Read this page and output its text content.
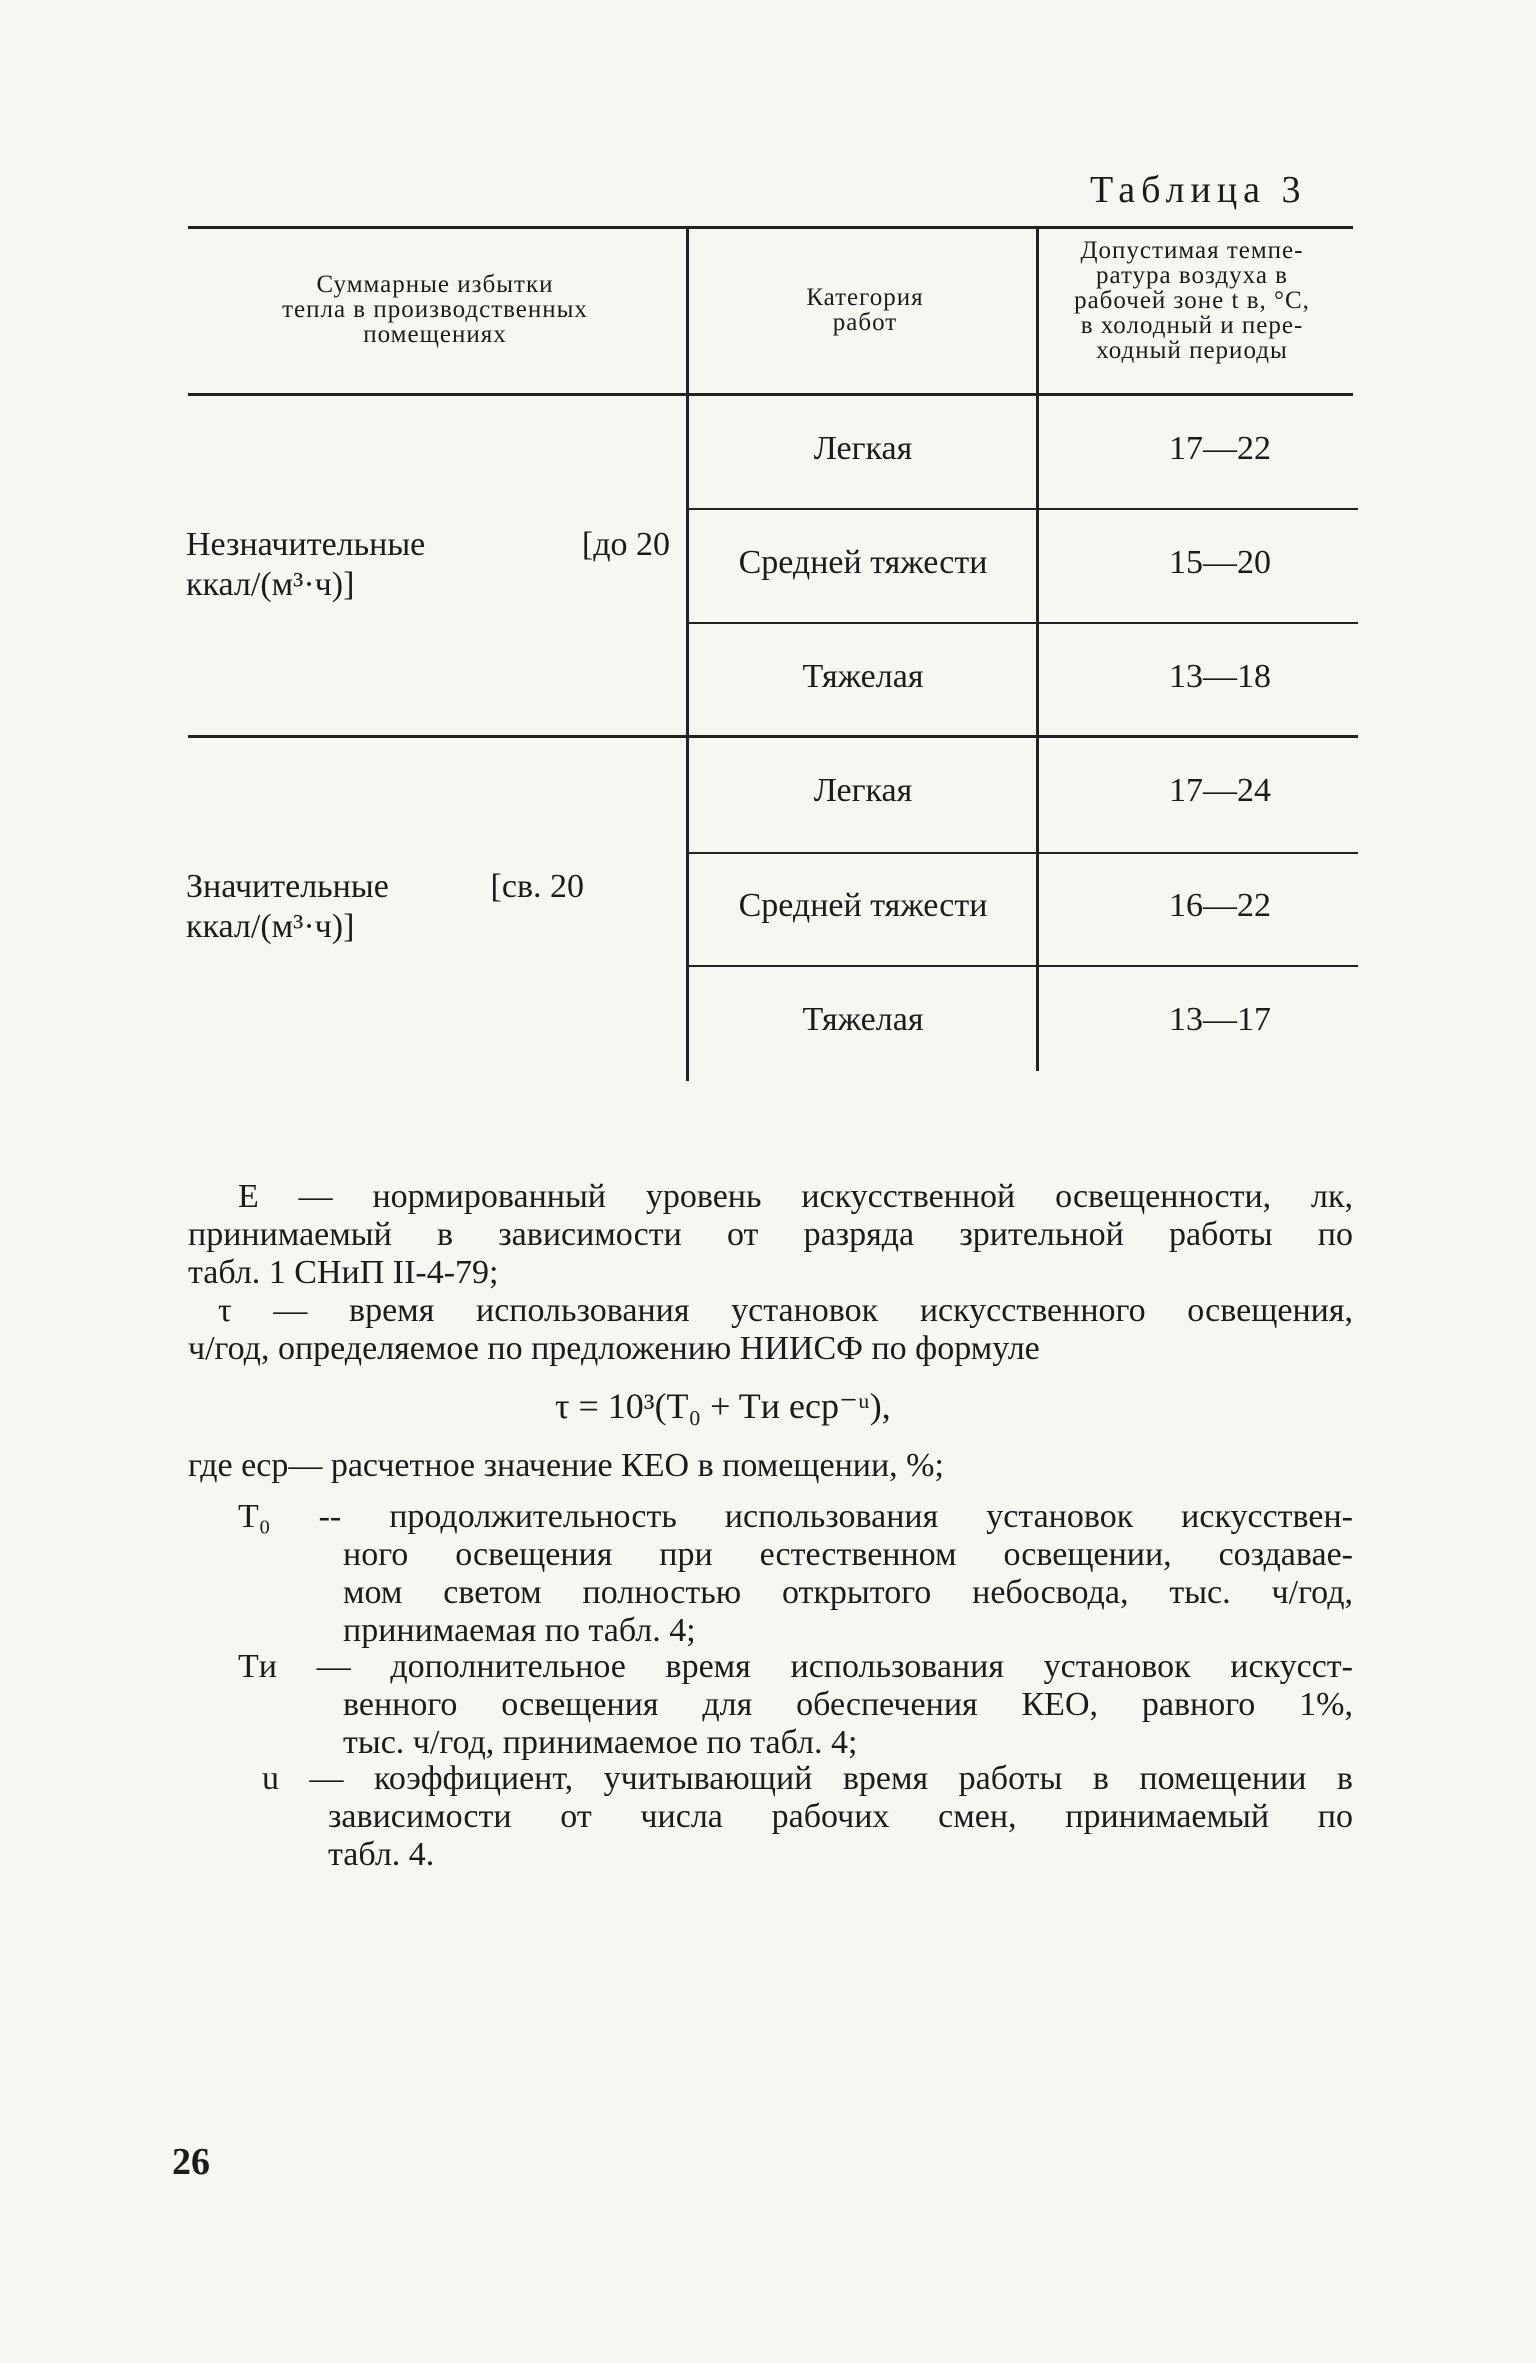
Таблица 3
Суммарные избытки
тепла в производственных
помещениях
Категория
работ
Допустимая темпе-
ратура воздуха в
рабочей зоне t в, °С,
в холодный и пере-
ходный периоды
Незначительные	[до 20
ккал/(м³·ч)]
Значительные	[св. 20
ккал/(м³·ч)]
Легкая
Средней тяжести
Тяжелая
Легкая
Средней тяжести
Тяжелая
17—22
15—20
13—18
17—24
16—22
13—17
E — нормированный уровень искусственной освещенности, лк,
принимаемый в зависимости от разряда зрительной работы по
табл. 1 СНиП II-4-79;
τ — время использования установок искусственного освещения,
ч/год, определяемое по предложению НИИСФ по формуле
τ = 10³(T₀ + Tи eср⁻ᵘ),
где eср— расчетное значение КЕО в помещении, %;
T₀ -- продолжительность использования установок искусствен-
ного освещения при естественном освещении, создавае-
мом светом полностью открытого небосвода, тыс. ч/год,
принимаемая по табл. 4;
Tи — дополнительное время использования установок искусст-
венного освещения для обеспечения КЕО, равного 1%,
тыс. ч/год, принимаемое по табл. 4;
u — коэффициент, учитывающий время работы в помещении в
зависимости от числа рабочих смен, принимаемый по
табл. 4.
26
